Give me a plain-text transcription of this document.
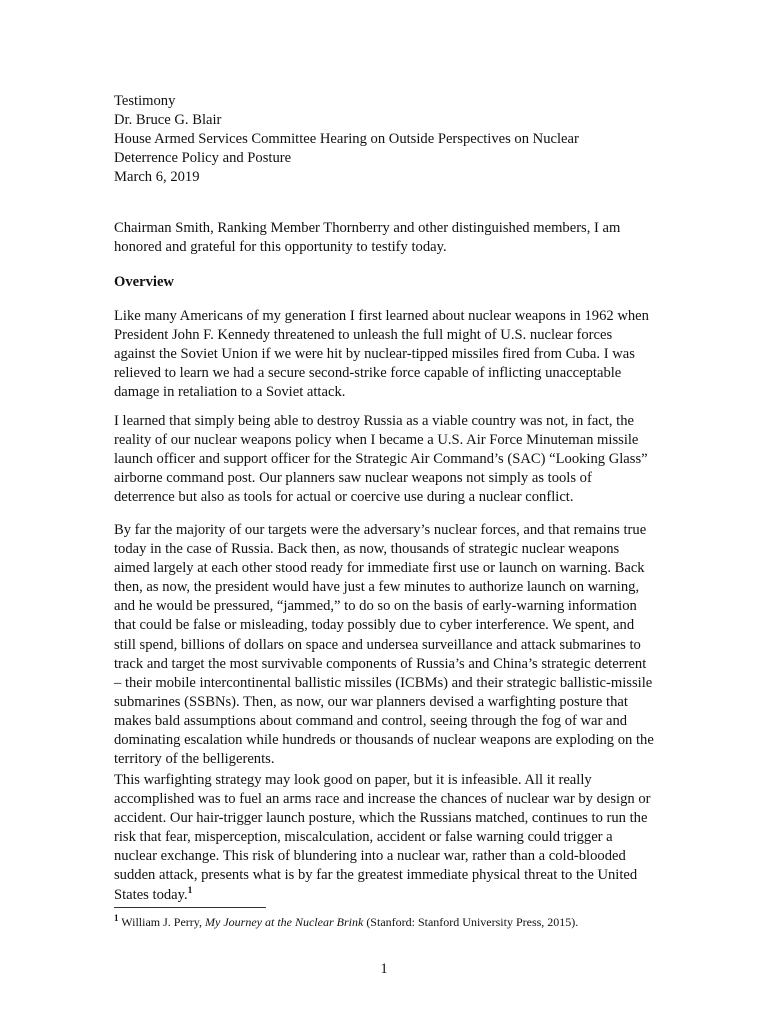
Testimony
Dr. Bruce G. Blair
House Armed Services Committee Hearing on Outside Perspectives on Nuclear
Deterrence Policy and Posture
March 6, 2019

Chairman Smith, Ranking Member Thornberry and other distinguished members, I am honored and grateful for this opportunity to testify today.

Overview

Like many Americans of my generation I first learned about nuclear weapons in 1962 when President John F. Kennedy threatened to unleash the full might of U.S. nuclear forces against the Soviet Union if we were hit by nuclear-tipped missiles fired from Cuba. I was relieved to learn we had a secure second-strike force capable of inflicting unacceptable damage in retaliation to a Soviet attack.

I learned that simply being able to destroy Russia as a viable country was not, in fact, the reality of our nuclear weapons policy when I became a U.S. Air Force Minuteman missile launch officer and support officer for the Strategic Air Command’s (SAC) “Looking Glass” airborne command post. Our planners saw nuclear weapons not simply as tools of deterrence but also as tools for actual or coercive use during a nuclear conflict.

By far the majority of our targets were the adversary’s nuclear forces, and that remains true today in the case of Russia. Back then, as now, thousands of strategic nuclear weapons aimed largely at each other stood ready for immediate first use or launch on warning. Back then, as now, the president would have just a few minutes to authorize launch on warning, and he would be pressured, “jammed,” to do so on the basis of early-warning information that could be false or misleading, today possibly due to cyber interference. We spent, and still spend, billions of dollars on space and undersea surveillance and attack submarines to track and target the most survivable components of Russia’s and China’s strategic deterrent – their mobile intercontinental ballistic missiles (ICBMs) and their strategic ballistic-missile submarines (SSBNs). Then, as now, our war planners devised a warfighting posture that makes bald assumptions about command and control, seeing through the fog of war and dominating escalation while hundreds or thousands of nuclear weapons are exploding on the territory of the belligerents.

This warfighting strategy may look good on paper, but it is infeasible. All it really accomplished was to fuel an arms race and increase the chances of nuclear war by design or accident. Our hair-trigger launch posture, which the Russians matched, continues to run the risk that fear, misperception, miscalculation, accident or false warning could trigger a nuclear exchange. This risk of blundering into a nuclear war, rather than a cold-blooded sudden attack, presents what is by far the greatest immediate physical threat to the United States today.$^1$

$^1$ William J. Perry, My Journey at the Nuclear Brink (Stanford: Stanford University Press, 2015).
1
